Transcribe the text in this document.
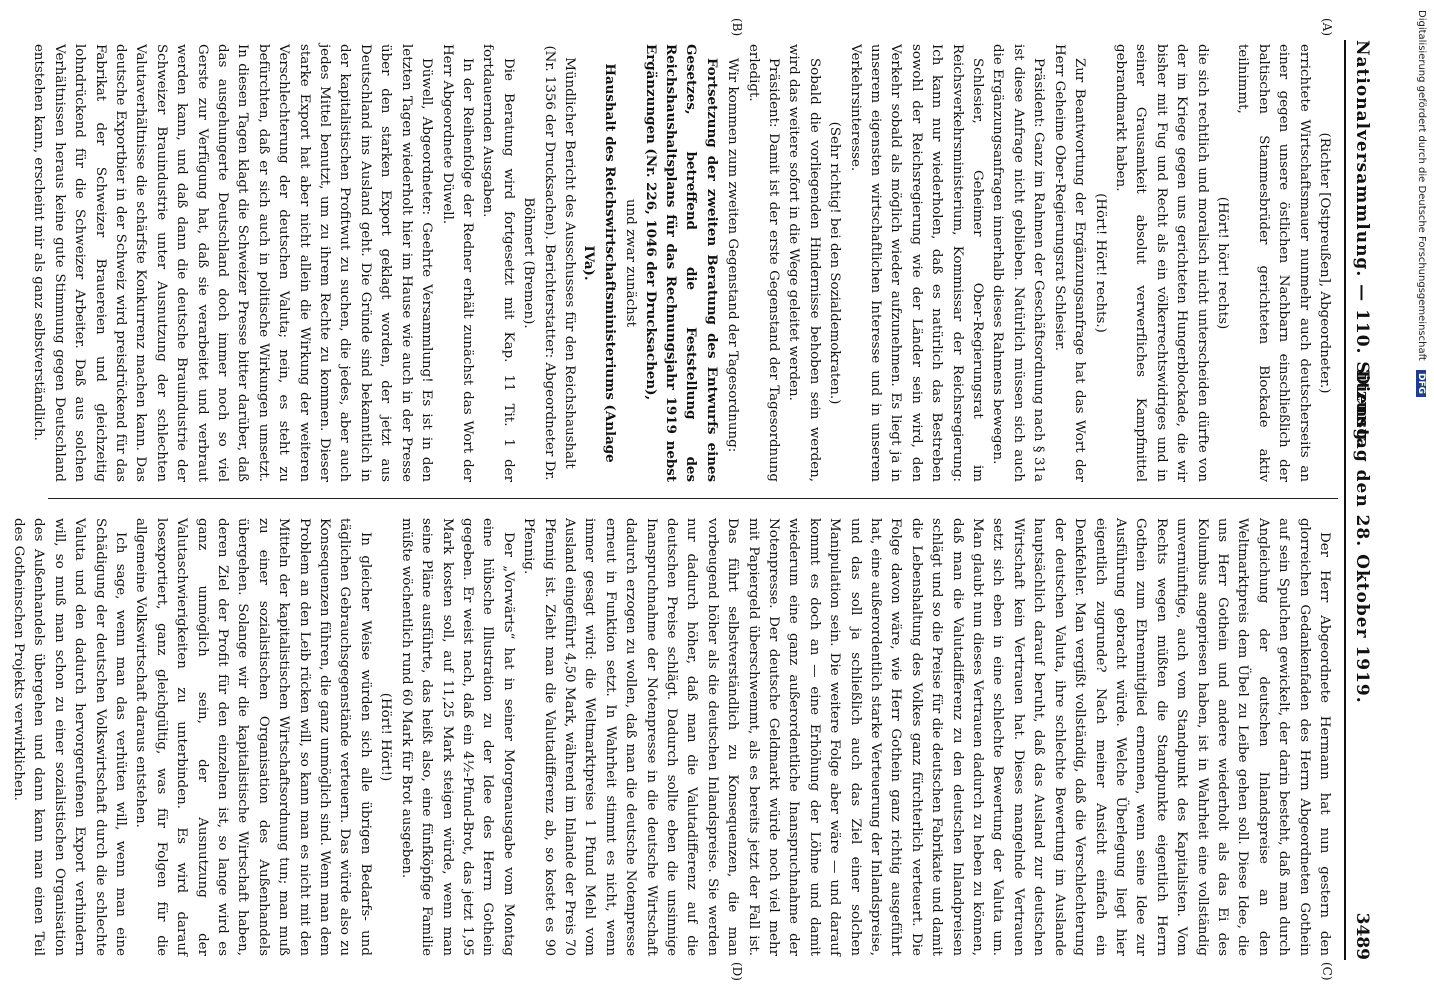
Nationalversammlung. — 110. Sitzung.
Dienstag den 28. Oktober 1919.
3489
(A)
(B)
(C)
(D)

(Richter [Ostpreußen], Abgeordneter.)

errichtete Wirtschaftsmauer nunmehr auch deutscherseits an einer gegen unsere östlichen Nachbarn einschließlich der baltischen Stammesbrüder gerichteten Blockade aktiv teilnimmt,

(Hört! hört! rechts)

die sich rechtlich und moralisch nicht unterscheiden dürfte von der im Kriege gegen uns gerichteten Hungerblockade, die wir bisher mit Fug und Recht als ein völkerrechtswidriges und in seiner Grausamkeit absolut verwerfliches Kampfmittel gebrandmarkt haben.

(Hört! Hört! rechts.)

Zur Beantwortung der Ergänzungsanfrage hat das Wort der Herr Geheime Ober-Regierungsrat Schlesier.

Präsident: Ganz im Rahmen der Geschäftsordnung nach § 31a ist diese Anfrage nicht geblieben. Natürlich müssen sich auch die Ergänzungsanfragen innerhalb dieses Rahmens bewegen.

Schlesier, Geheimer Ober-Regierungsrat im Reichsverkehrsministerium, Kommissar der Reichsregierung: Ich kann nur wiederholen, daß es natürlich das Bestreben sowohl der Reichsregierung wie der Länder sein wird, den Verkehr sobald als möglich wieder aufzunehmen. Es liegt ja in unserem eigensten wirtschaftlichen Interesse und in unserem Verkehrsinteresse.

(Sehr richtig! bei den Sozialdemokraten.)

Sobald die vorliegenden Hindernisse behoben sein werden, wird das weitere sofort in die Wege geleitet werden.

Präsident: Damit ist der erste Gegenstand der Tagesordnung erledigt.

Wir kommen zum zweiten Gegenstand der Tagesordnung:

Fortsetzung der zweiten Beratung des Entwurfs eines Gesetzes, betreffend die Feststellung des Reichshaushaltsplans für das Rechnungsjahr 1919 nebst Ergänzungen (Nr. 226, 1046 der Drucksachen),

und zwar zunächst

Haushalt des Reichswirtschaftsministeriums (Anlage IVa).

Mündlicher Bericht des Ausschusses für den Reichshaushalt (Nr. 1356 der Drucksachen). Berichterstatter: Abgeordneter Dr. Böhmert (Bremen).

Die Beratung wird fortgesetzt mit Kap. 11 Tit. 1 der fortdauernden Ausgaben.

In der Reihenfolge der Redner erhält zunächst das Wort der Herr Abgeordnete Düwell.

Düwell, Abgeordneter: Geehrte Versammlung! Es ist in den letzten Tagen wiederholt hier im Hause wie auch in der Presse über den starken Export geklagt worden, der jetzt aus Deutschland ins Ausland geht. Die Gründe sind bekanntlich in der kapitalistischen Profitwut zu suchen, die jedes, aber auch jedes Mittel benutzt, um zu ihrem Rechte zu kommen. Dieser starke Export hat aber nicht allein die Wirkung der weiteren Verschlechterung der deutschen Valuta; nein, es steht zu befürchten, daß er sich auch in politische Wirkungen umsetzt. In diesen Tagen klagt die Schweizer Presse bitter darüber, daß das ausgehungerte Deutschland doch immer noch so viel Gerste zur Verfügung hat, daß sie verarbeitet und verbraut werden kann, und daß dann die deutsche Brauindustrie der Schweizer Brauindustrie unter Ausnutzung der schlechten Valutaverhältnisse die schärfste Konkurrenz machen kann. Das deutsche Exportbier in der Schweiz wird preisdrückend für das Fabrikat der Schweizer Brauereien und gleichzeitig lohndrückend für die Schweizer Arbeiter. Daß aus solchen Verhältnissen heraus keine gute Stimmung gegen Deutschland entstehen kann, erscheint mir als ganz selbstverständlich.

Der Herr Abgeordnete Hermann hat nun gestern den glorreichen Gedankenfaden des Herrn Abgeordneten Gothein auf sein Spulchen gewickelt, der darin besteht, daß man durch Angleichung der deutschen Inlandspreise an den Weltmarktpreis dem Übel zu Leibe gehen soll. Diese Idee, die uns Herr Gothein und andere wiederholt als das Ei des Kolumbus angepriesen haben, ist in Wahrheit eine vollständig unvernünftige, auch vom Standpunkt des Kapitalisten. Vom Rechts wegen müßten die Standpunkte eigentlich Herrn Gothein zum Ehrenmitglied ernennen, wenn seine Idee zur Ausführung gebracht würde. Welche Überlegung liegt hier eigentlich zugrunde? Nach meiner Ansicht einfach ein Denkfehler. Man vergißt vollständig, daß die Verschlechterung der deutschen Valuta, ihre schlechte Bewertung im Auslande hauptsächlich darauf beruht, daß das Ausland zur deutschen Wirtschaft kein Vertrauen hat. Dieses mangelnde Vertrauen setzt sich eben in eine schlechte Bewertung der Valuta um. Man glaubt nun dieses Vertrauen dadurch zu heben zu können, daß man die Valutadifferenz zu den deutschen Inlandpreisen schlägt und so die Preise für die deutschen Fabrikate und damit die Lebenshaltung des Volkes ganz fürchterlich verteuert. Die Folge davon wäre, wie Herr Gothein ganz richtig ausgeführt hat, eine außerordentlich starke Verteuerung der Inlandspreise, und das soll ja schließlich auch das Ziel einer solchen Manipulation sein. Die weitere Folge aber wäre — und darauf kommt es doch an — eine Erhöhung der Löhne und damit wiederum eine ganz außerordentliche Inanspruchnahme der Notenpresse. Der deutsche Geldmarkt würde noch viel mehr mit Papiergeld überschwemmt, als es bereits jetzt der Fall ist. Das führt selbstverständlich zu Konsequenzen, die man vorbeugend höher als die deutschen Inlandspreise. Sie werden nur dadurch höher, daß man die Valutadifferenz auf die deutschen Preise schlägt. Dadurch sollte eben die unsinnige Inanspruchnahme der Notenpresse in die deutsche Wirtschaft dadurch erzogen zu wollen, daß man die deutsche Notenpresse erneut in Funktion setzt. In Wahrheit stimmt es nicht, wenn immer gesagt wird: die Weltmarktpreise 1 Pfund Mehl vom Ausland eingeführt 4,50 Mark, während im Inlande der Preis 70 Pfennig ist. Zieht man die Valutadifferenz ab, so kostet es 90 Pfennig.

Der „Vorwärts“ hat in seiner Morgenausgabe vom Montag eine hübsche Illustration zu der Idee des Herrn Gothein gegeben. Er weist nach, daß ein 4½-Pfund-Brot, das jetzt 1,95 Mark kosten soll, auf 11,25 Mark steigen würde, wenn man seine Pläne ausführte, das heißt also, eine fünfköpfige Familie müßte wöchentlich rund 60 Mark für Brot ausgeben.

(Hört! Hört!)

In gleicher Weise würden sich alle übrigen Bedarfs- und täglichen Gebrauchsgegenstände verteuern. Das würde also zu Konsequenzen führen, die ganz unmöglich sind. Wenn man dem Problem an den Leib rücken will, so kann man es nicht mit den Mitteln der kapitalistischen Wirtschaftsordnung tun; man muß zu einer sozialistischen Organisation des Außenhandels übergehen. Solange wir die kapitalistische Wirtschaft haben, deren Ziel der Profit für den einzelnen ist, so lange wird es ganz unmöglich sein, der Ausnutzung der Valutaschwierigkeiten zu unterbinden. Es wird darauf losexportiert, ganz gleichgültig, was für Folgen für die allgemeine Volkswirtschaft daraus entstehen.

Ich sage, wenn man das verhüten will, wenn man eine Schädigung der deutschen Volkswirtschaft durch die schlechte Valuta und den dadurch hervorgerufenen Export verhindern will, so muß man schon zu einer sozialistischen Organisation des Außenhandels übergehen und dann kann man einen Teil des Gotheinschen Projekts verwirklichen.

Digitalisierung gefördert durch die Deutsche Forschungsgemeinschaft DFG
